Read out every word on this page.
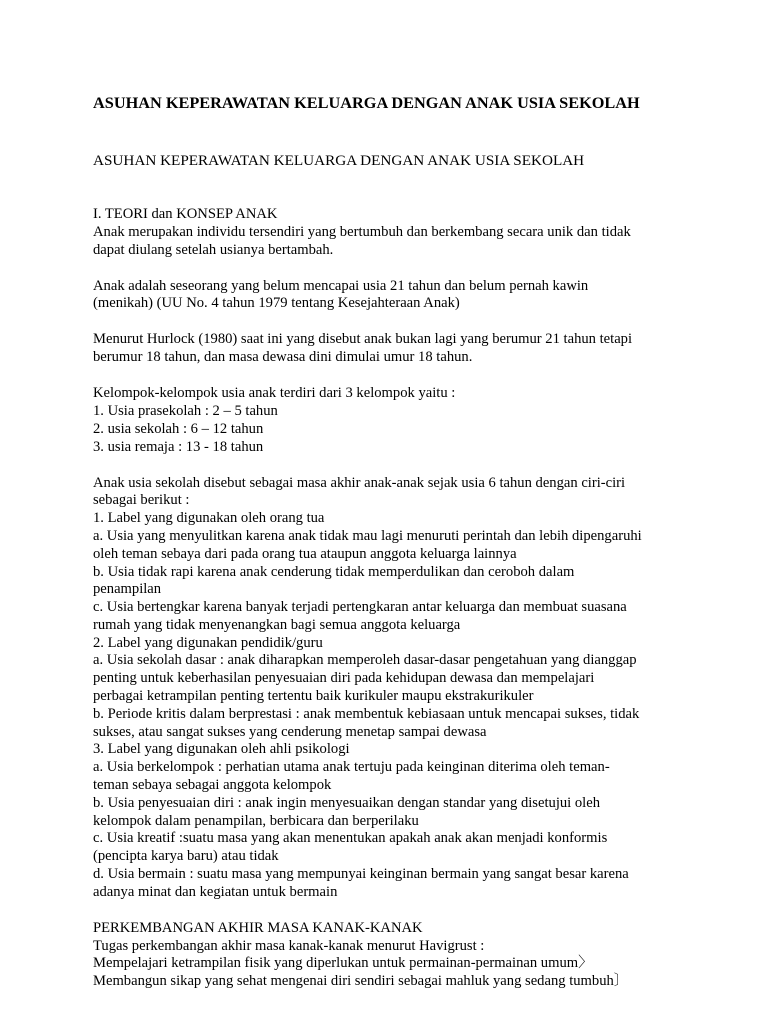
ASUHAN KEPERAWATAN KELUARGA DENGAN ANAK USIA SEKOLAH
ASUHAN KEPERAWATAN KELUARGA DENGAN ANAK USIA SEKOLAH
I. TEORI dan KONSEP ANAK
Anak merupakan individu tersendiri yang bertumbuh dan berkembang secara unik dan tidak
dapat diulang setelah usianya bertambah.
Anak adalah seseorang yang belum mencapai usia 21 tahun dan belum pernah kawin
(menikah) (UU No. 4 tahun 1979 tentang Kesejahteraan Anak)
Menurut Hurlock (1980) saat ini yang disebut anak bukan lagi yang berumur 21 tahun tetapi
berumur 18 tahun, dan masa dewasa dini dimulai umur 18 tahun.
Kelompok-kelompok usia anak terdiri dari 3 kelompok yaitu :
1. Usia prasekolah : 2 – 5 tahun
2. usia sekolah : 6 – 12 tahun
3. usia remaja : 13 - 18 tahun
Anak usia sekolah disebut sebagai masa akhir anak-anak sejak usia 6 tahun dengan ciri-ciri
sebagai berikut :
1. Label yang digunakan oleh orang tua
a. Usia yang menyulitkan karena anak tidak mau lagi menuruti perintah dan lebih dipengaruhi
oleh teman sebaya dari pada orang tua ataupun anggota keluarga lainnya
b. Usia tidak rapi karena anak cenderung tidak memperdulikan dan ceroboh dalam
penampilan
c. Usia bertengkar karena banyak terjadi pertengkaran antar keluarga dan membuat suasana
rumah yang tidak menyenangkan bagi semua anggota keluarga
2. Label yang digunakan pendidik/guru
a. Usia sekolah dasar : anak diharapkan memperoleh dasar-dasar pengetahuan yang dianggap
penting untuk keberhasilan penyesuaian diri pada kehidupan dewasa dan mempelajari
perbagai ketrampilan penting tertentu baik kurikuler maupu ekstrakurikuler
b. Periode kritis dalam berprestasi : anak membentuk kebiasaan untuk mencapai sukses, tidak
sukses, atau sangat sukses yang cenderung menetap sampai dewasa
3. Label yang digunakan oleh ahli psikologi
a. Usia berkelompok : perhatian utama anak tertuju pada keinginan diterima oleh teman-
teman sebaya sebagai anggota kelompok
b. Usia penyesuaian diri : anak ingin menyesuaikan dengan standar yang disetujui oleh
kelompok dalam penampilan, berbicara dan berperilaku
c. Usia kreatif :suatu masa yang akan menentukan apakah anak akan menjadi konformis
(pencipta karya baru) atau tidak
d. Usia bermain : suatu masa yang mempunyai keinginan bermain yang sangat besar karena
adanya minat dan kegiatan untuk bermain
PERKEMBANGAN AKHIR MASA KANAK-KANAK
Tugas perkembangan akhir masa kanak-kanak menurut Havigrust :
Mempelajari ketrampilan fisik yang diperlukan untuk permainan-permainan umum〉
Membangun sikap yang sehat mengenai diri sendiri sebagai mahluk yang sedang tumbuh〕
